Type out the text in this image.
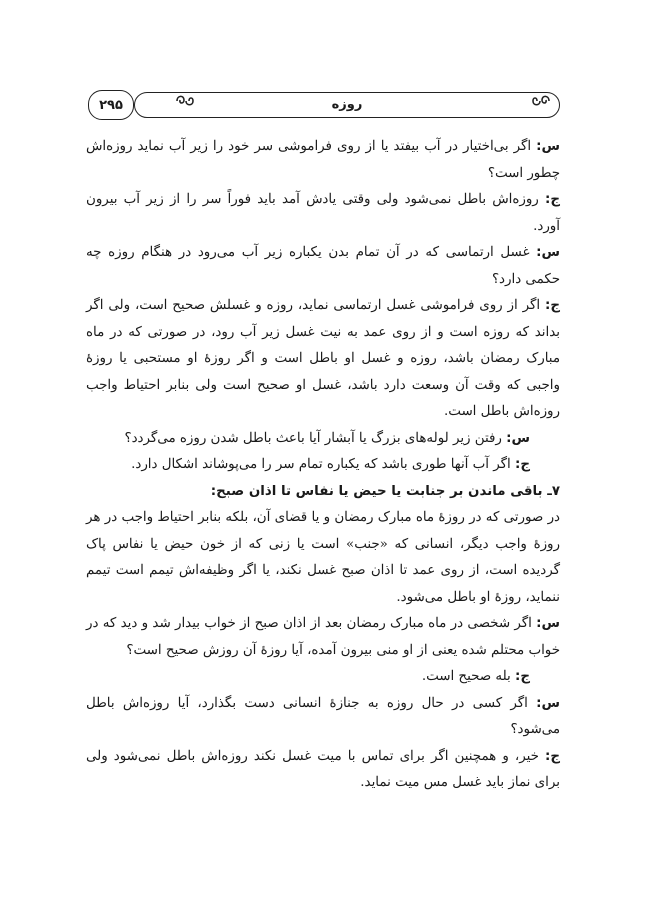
روزه
۲۹۵

س: اگر بی‌اختیار در آب بیفتد یا از روی فراموشی سر خود را زیر آب نماید روزه‌اش چطور است؟

ج: روزه‌اش باطل نمی‌شود ولی وقتی یادش آمد باید فوراً سر را از زیر آب بیرون آورد.

س: غسل ارتماسی که در آن تمام بدن یکباره زیر آب می‌رود در هنگام روزه چه حکمی دارد؟

ج: اگر از روی فراموشی غسل ارتماسی نماید، روزه و غسلش صحیح است، ولی اگر بداند که روزه است و از روی عمد به نیت غسل زیر آب رود، در صورتی که در ماه مبارک رمضان باشد، روزه و غسل او باطل است و اگر روزهٔ او مستحبی یا روزهٔ واجبی که وقت آن وسعت دارد باشد، غسل او صحیح است ولی بنابر احتیاط واجب روزه‌اش باطل است.

س: رفتن زیر لوله‌های بزرگ یا آبشار آیا باعث باطل شدن روزه می‌گردد؟

ج: اگر آب آنها طوری باشد که یکباره تمام سر را می‌پوشاند اشکال دارد.

۷ـ باقی ماندن بر جنابت یا حیض یا نفاس تا اذان صبح:

در صورتی که در روزهٔ ماه مبارک رمضان و یا قضای آن، بلکه بنابر احتیاط واجب در هر روزهٔ واجب دیگر، انسانی که «جنب» است یا زنی که از خون حیض یا نفاس پاک گردیده است، از روی عمد تا اذان صبح غسل نکند، یا اگر وظیفه‌اش تیمم است تیمم ننماید، روزهٔ او باطل می‌شود.

س: اگر شخصی در ماه مبارک رمضان بعد از اذان صبح از خواب بیدار شد و دید که در خواب محتلم شده یعنی از او منی بیرون آمده، آیا روزهٔ آن روزش صحیح است؟

ج: بله صحیح است.

س: اگر کسی در حال روزه به جنازهٔ انسانی دست بگذارد، آیا روزه‌اش باطل می‌شود؟

ج: خیر، و همچنین اگر برای تماس با میت غسل نکند روزه‌اش باطل نمی‌شود ولی برای نماز باید غسل مس میت نماید.
